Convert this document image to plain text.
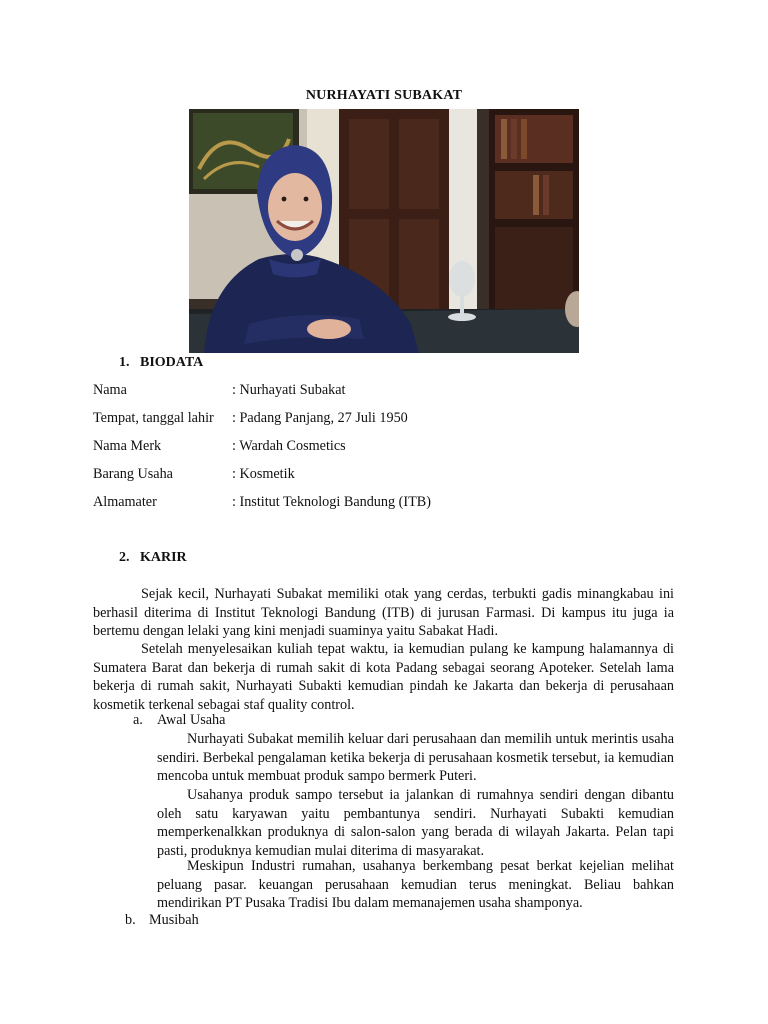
NURHAYATI SUBAKAT
1. BIODATA
Nama	: Nurhayati Subakat
Tempat, tanggal lahir : Padang Panjang, 27 Juli 1950
Nama Merk	: Wardah Cosmetics
Barang Usaha	: Kosmetik
Almamater	: Institut Teknologi Bandung (ITB)
2. KARIR
Sejak kecil, Nurhayati Subakat memiliki otak yang cerdas, terbukti gadis minangkabau ini berhasil diterima di Institut Teknologi Bandung (ITB) di jurusan Farmasi. Di kampus itu juga ia bertemu dengan lelaki yang kini menjadi suaminya yaitu Sabakat Hadi.
Setelah menyelesaikan kuliah tepat waktu, ia kemudian pulang ke kampung halamannya di Sumatera Barat dan bekerja di rumah sakit di kota Padang sebagai seorang Apoteker. Setelah lama bekerja di rumah sakit, Nurhayati Subakti kemudian pindah ke Jakarta dan bekerja di perusahaan kosmetik terkenal sebagai staf quality control.
a. Awal Usaha
Nurhayati Subakat memilih keluar dari perusahaan dan memilih untuk merintis usaha sendiri. Berbekal pengalaman ketika bekerja di perusahaan kosmetik tersebut, ia kemudian mencoba untuk membuat produk sampo bermerk Puteri.
Usahanya produk sampo tersebut ia jalankan di rumahnya sendiri dengan dibantu oleh satu karyawan yaitu pembantunya sendiri. Nurhayati Subakti kemudian memperkenalkkan produknya di salon-salon yang berada di wilayah Jakarta. Pelan tapi pasti, produknya kemudian mulai diterima di masyarakat.
Meskipun Industri rumahan, usahanya berkembang pesat berkat kejelian melihat peluang pasar. keuangan perusahaan kemudian terus meningkat. Beliau bahkan mendirikan PT Pusaka Tradisi Ibu dalam memanajemen usaha shamponya.
b. Musibah
